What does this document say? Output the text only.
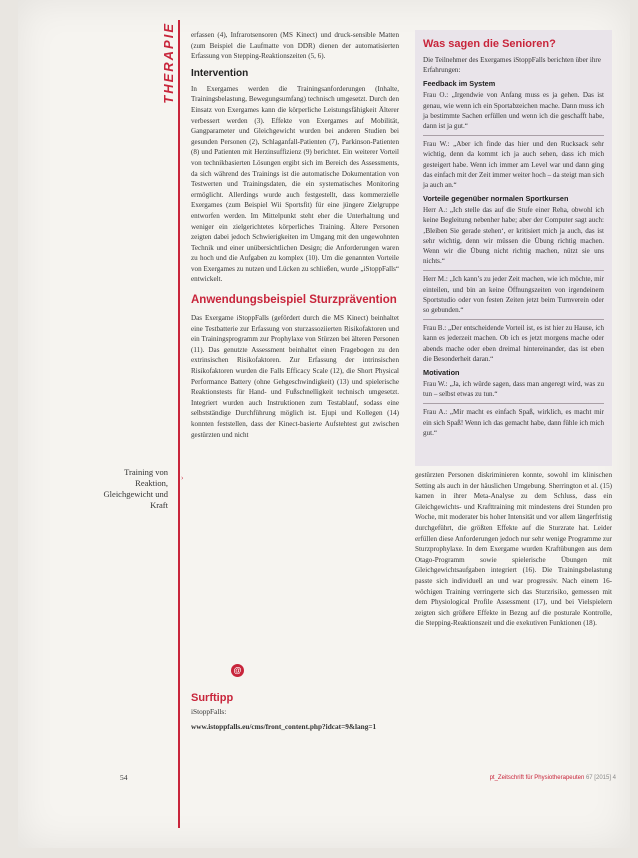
THERAPIE
Training von Reaktion, Gleichgewicht und Kraft
›

erfassen (4), Infrarotsensoren (MS Kinect) und druck-sensible Matten (zum Beispiel die Laufmatte von DDR) dienen der automatisierten Erfassung von Stepping-Reaktionszeiten (5, 6).

Intervention

In Exergames werden die Trainingsanforderungen (Inhalte, Trainingsbelastung, Bewegungsumfang) technisch umgesetzt. Durch den Einsatz von Exergames kann die körperliche Leistungsfähigkeit Älterer verbessert werden (3). Effekte von Exergames auf Mobilität, Gangparameter und Gleichgewicht wurden bei anderen Studien bei gesunden Personen (2), Schlaganfall-Patienten (7), Parkinson-Patienten (8) und Patienten mit Herzinsuffizienz (9) berichtet. Ein weiterer Vorteil von technikbasierten Lösungen ergibt sich im Bereich des Assessments, da sich während des Trainings ist die automatische Dokumentation von Testwerten und Trainingsdaten, die ein systematisches Monitoring ermöglicht. Allerdings wurde auch festgestellt, dass kommerzielle Exergames (zum Beispiel Wii Sportsfit) für eine jüngere Zielgruppe entworfen werden. Im Mittelpunkt steht eher die Unterhaltung und weniger ein zielgerichtetes körperliches Training. Ältere Personen zeigten dabei jedoch Schwierigkeiten im Umgang mit den ungewohnten Technik und einer unübersichtlichen Design; die Anforderungen waren zu hoch und die Aufgaben zu komplex (10). Um die genannten Vorteile von Exergames zu nutzen und Lücken zu schließen, wurde „iStoppFalls“ entwickelt.

Anwendungsbeispiel Sturzprävention

Das Exergame iStoppFalls (gefördert durch die MS Kinect) beinhaltet eine Testbatterie zur Erfassung von sturzassoziierten Risikofaktoren und ein Trainingsprogramm zur Prophylaxe von Stürzen bei älteren Personen (11). Das genutzte Assessment beinhaltet einen Fragebogen zu den extrinsischen Risikofaktoren. Zur Erfassung der intrinsischen Risikofaktoren wurden die Falls Efficacy Scale (12), die Short Physical Performance Battery (ohne Gehgeschwindigkeit) (13) und spielerische Reaktionstests für Hand- und Fußschnelligkeit technisch umgesetzt. Integriert wurden auch Instruktionen zum Testablauf, sodass eine selbstständige Durchführung möglich ist. Ejupi und Kollegen (14) konnten feststellen, dass der Kinect-basierte Aufstehtest gut zwischen gestürzten und nicht

Was sagen die Senioren?

Die Teilnehmer des Exergames iStoppFalls berichten über ihre Erfahrungen:

Feedback im System

Frau O.: „Irgendwie von Anfang muss es ja gehen. Das ist genau, wie wenn ich ein Sportabzeichen mache. Dann muss ich ja bestimmte Sachen erfüllen und wenn ich die geschafft habe, dann ist ja gut.“

Frau W.: „Aber ich finde das hier und den Rucksack sehr wichtig, denn da kommt ich ja auch sehen, dass ich mich gesteigert habe. Wenn ich immer am Level war und dann ging das einfach mit der Zeit immer weiter hoch – da steigt man sich ja auch an.“

Vorteile gegenüber normalen Sportkursen

Herr A.: „Ich stelle das auf die Stufe einer Reha, obwohl ich keine Begleitung nebenher habe; aber der Computer sagt auch: ‚Bleiben Sie gerade stehen‘, er kritisiert mich ja auch, das ist sehr wichtig, denn wir müssen die Übung richtig machen. Wenn wir die Übung nicht richtig machen, nützt sie uns nichts.“

Herr M.: „Ich kann’s zu jeder Zeit machen, wie ich möchte, mir einteilen, und bin an keine Öffnungszeiten von irgendeinem Sportstudio oder von festen Zeiten jetzt beim Turnverein oder so gebunden.“

Frau B.: „Der entscheidende Vorteil ist, es ist hier zu Hause, ich kann es jederzeit machen. Ob ich es jetzt morgens mache oder abends mache oder eben dreimal hintereinander, das ist eben die Besonderheit daran.“

Motivation

Frau W.: „Ja, ich würde sagen, dass man angeregt wird, was zu tun – selbst etwas zu tun.“

Frau A.: „Mir macht es einfach Spaß, wirklich, es macht mir ein sich Spaß! Wenn ich das gemacht habe, dann fühle ich mich gut.“

gestürzten Personen diskriminieren konnte, sowohl im klinischen Setting als auch in der häuslichen Umgebung. Sherrington et al. (15) kamen in ihrer Meta-Analyse zu dem Schluss, dass ein Gleichgewichts- und Krafttraining mit mindestens drei Stunden pro Woche, mit moderater bis hoher Intensität und vor allem längerfristig durchgeführt, die größten Effekte auf die Sturzrate hat. Leider erfüllen diese Anforderungen jedoch nur sehr wenige Programme zur Sturzprophylaxe. In dem Exergame wurden Kraftübungen aus dem Otago-Programm sowie spielerische Übungen mit Gleichgewichtsaufgaben integriert (16). Die Trainingsbelastung passte sich individuell an und war progressiv. Nach einem 16-wöchigen Training verringerte sich das Sturzrisiko, gemessen mit dem Physiological Profile Assessment (17), und bei Vielspielern zeigten sich größere Effekte in Bezug auf die posturale Kontrolle, die Stepping-Reaktionszeit und die exekutiven Funktionen (18).

@
Surftipp

iStoppFalls:

www.istoppfalls.eu/cms/front_content.php?idcat=9&lang=1

54	pt_Zeitschrift für Physiotherapeuten 67 [2015] 4
